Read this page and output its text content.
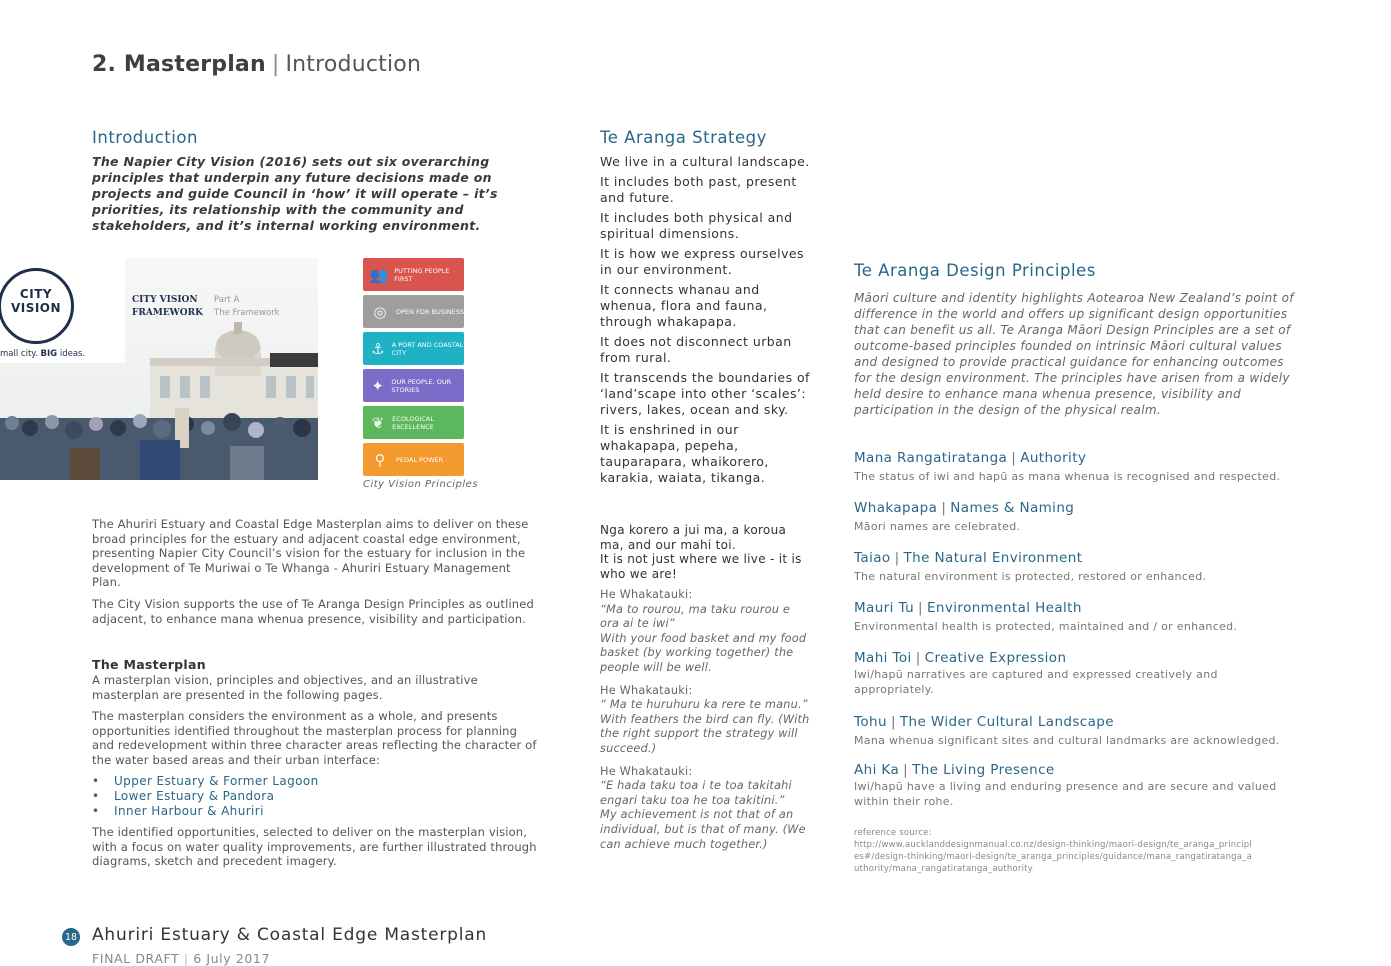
2. Masterplan | Introduction
Introduction
The Napier City Vision (2016) sets out six overarching principles that underpin any future decisions made on projects and guide Council in ‘how’ it will operate – it’s priorities, its relationship with the community and stakeholders, and it’s internal working environment.
CITY
VISION
mall city. BIG ideas.
CITY VISION
FRAMEWORK
Part A
The Framework
👥 PUTTING PEOPLE FIRST
◎	OPEN FOR BUSINESS
⚓	A PORT AND COASTAL CITY
✦	OUR PEOPLE, OUR STORIES
❦	ECOLOGICAL EXCELLENCE
⚲	PEDAL POWER
City Vision Principles

The Ahuriri Estuary and Coastal Edge Masterplan aims to deliver on these broad principles for the estuary and adjacent coastal edge environment, presenting Napier City Council’s vision for the estuary for inclusion in the development of Te Muriwai o Te Whanga - Ahuriri Estuary Management Plan.

The City Vision supports the use of Te Aranga Design Principles as outlined adjacent, to enhance mana whenua presence, visibility and participation.

The Masterplan

A masterplan vision, principles and objectives, and an illustrative masterplan are presented in the following pages.

The masterplan considers the environment as a whole, and presents opportunities identified throughout the masterplan process for planning and redevelopment within three character areas reflecting the character of the water based areas and their urban interface:

• Upper Estuary & Former Lagoon
• Lower Estuary & Pandora
• Inner Harbour & Ahuriri

The identified opportunities, selected to deliver on the masterplan vision, with a focus on water quality improvements, are further illustrated through diagrams, sketch and precedent imagery.

Te Aranga Strategy

We live in a cultural landscape.

It includes both past, present and future.

It includes both physical and spiritual dimensions.

It is how we express ourselves in our environment.

It connects whanau and whenua, flora and fauna, through whakapapa.

It does not disconnect urban from rural.

It transcends the boundaries of ‘land’scape into other ‘scales’: rivers, lakes, ocean and sky.

It is enshrined in our whakapapa, pepeha, tauparapara, whaikorero, karakia, waiata, tikanga.

Nga korero a jui ma, a koroua ma, and our mahi toi.
It is not just where we live - it is who we are!
He Whakatauki:
“Ma to rourou, ma taku rourou e ora ai te iwi”
With your food basket and my food basket (by working together) the people will be well.
He Whakatauki:
“ Ma te huruhuru ka rere te manu.”
With feathers the bird can fly. (With the right support the strategy will succeed.)
He Whakatauki:
“E hada taku toa i te toa takitahi engari taku toa he toa takitini.”
My achievement is not that of an individual, but is that of many. (We can achieve much together.)
Te Aranga Design Principles
Māori culture and identity highlights Aotearoa New Zealand’s point of difference in the world and offers up significant design opportunities that can benefit us all. Te Aranga Māori Design Principles are a set of outcome-based principles founded on intrinsic Māori cultural values and designed to provide practical guidance for enhancing outcomes for the design environment. The principles have arisen from a widely held desire to enhance mana whenua presence, visibility and participation in the design of the physical realm.
Mana Rangatiratanga | Authority
The status of iwi and hapū as mana whenua is recognised and respected.
Whakapapa | Names & Naming
Māori names are celebrated.
Taiao | The Natural Environment
The natural environment is protected, restored or enhanced.
Mauri Tu | Environmental Health
Environmental health is protected, maintained and / or enhanced.
Mahi Toi | Creative Expression
Iwi/hapū narratives are captured and expressed creatively and appropriately.
Tohu | The Wider Cultural Landscape
Mana whenua significant sites and cultural landmarks are acknowledged.
Ahi Ka | The Living Presence
Iwi/hapū have a living and enduring presence and are secure and valued within their rohe.
reference source:
http://www.aucklanddesignmanual.co.nz/design-thinking/maori-design/te_aranga_principles#/design-thinking/maori-design/te_aranga_principles/guidance/mana_rangatiratanga_authority/mana_rangatiratanga_authority
18 Ahuriri Estuary & Coastal Edge Masterplan
FINAL DRAFT | 6 July 2017
